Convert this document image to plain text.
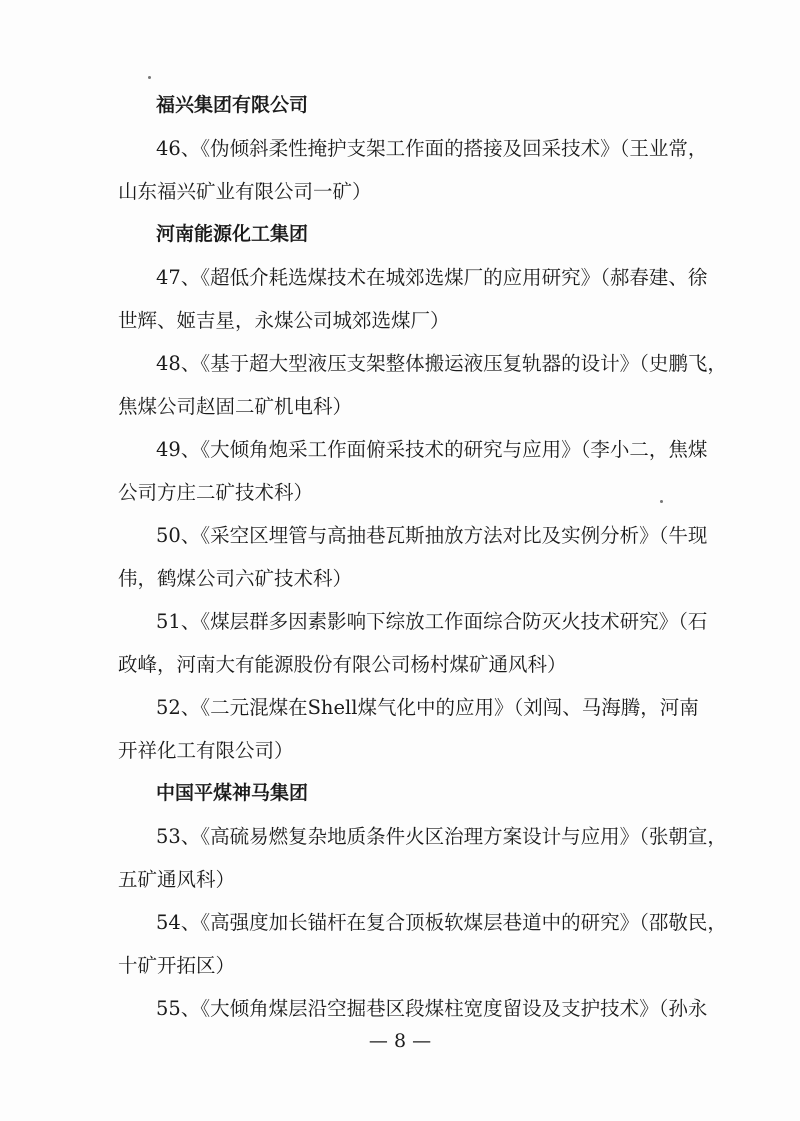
福兴集团有限公司
46、《伪倾斜柔性掩护支架工作面的搭接及回采技术》（王业常，
山东福兴矿业有限公司一矿）
河南能源化工集团
47、《超低介耗选煤技术在城郊选煤厂的应用研究》（郝春建、徐
世辉、姬吉星，永煤公司城郊选煤厂）
48、《基于超大型液压支架整体搬运液压复轨器的设计》（史鹏飞，
焦煤公司赵固二矿机电科）
49、《大倾角炮采工作面俯采技术的研究与应用》（李小二，焦煤
公司方庄二矿技术科）
50、《采空区埋管与高抽巷瓦斯抽放方法对比及实例分析》（牛现
伟，鹤煤公司六矿技术科）
51、《煤层群多因素影响下综放工作面综合防灭火技术研究》（石
政峰，河南大有能源股份有限公司杨村煤矿通风科）
52、《二元混煤在Shell煤气化中的应用》（刘闯、马海腾，河南
开祥化工有限公司）
中国平煤神马集团
53、《高硫易燃复杂地质条件火区治理方案设计与应用》（张朝宣，
五矿通风科）
54、《高强度加长锚杆在复合顶板软煤层巷道中的研究》（邵敬民，
十矿开拓区）
55、《大倾角煤层沿空掘巷区段煤柱宽度留设及支护技术》（孙永
— 8 —
